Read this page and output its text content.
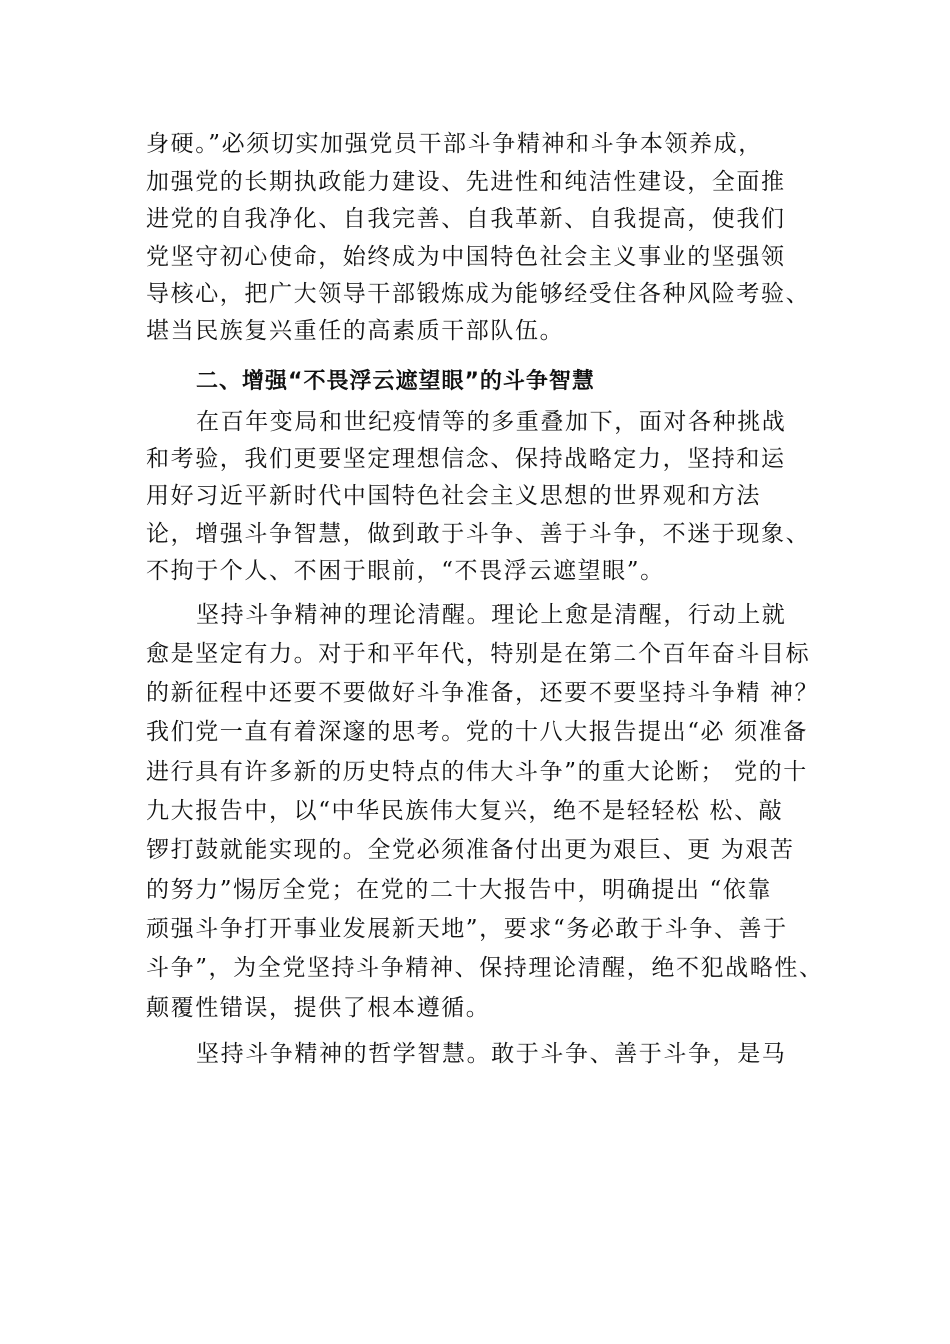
身硬。”必须切实加强党员干部斗争精神和斗争本领养成，
加强党的长期执政能力建设、先进性和纯洁性建设，全面推
进党的自我净化、自我完善、自我革新、自我提高，使我们
党坚守初心使命，始终成为中国特色社会主义事业的坚强领
导核心，把广大领导干部锻炼成为能够经受住各种风险考验、
堪当民族复兴重任的高素质干部队伍。
二、增强“不畏浮云遮望眼”的斗争智慧
在百年变局和世纪疫情等的多重叠加下，面对各种挑战
和考验，我们更要坚定理想信念、保持战略定力，坚持和运
用好习近平新时代中国特色社会主义思想的世界观和方法
论，增强斗争智慧，做到敢于斗争、善于斗争，不迷于现象、
不拘于个人、不困于眼前，“不畏浮云遮望眼”。
坚持斗争精神的理论清醒。理论上愈是清醒，行动上就
愈是坚定有力。对于和平年代，特别是在第二个百年奋斗目标
的新征程中还要不要做好斗争准备，还要不要坚持斗争精 神？
我们党一直有着深邃的思考。党的十八大报告提出“必 须准备
进行具有许多新的历史特点的伟大斗争”的重大论断； 党的十
九大报告中，以“中华民族伟大复兴，绝不是轻轻松 松、敲
锣打鼓就能实现的。全党必须准备付出更为艰巨、更 为艰苦
的努力”惕厉全党；在党的二十大报告中，明确提出 “依靠
顽强斗争打开事业发展新天地”，要求“务必敢于斗争、善于
斗争”，为全党坚持斗争精神、保持理论清醒，绝不犯战略性、
颠覆性错误，提供了根本遵循。
坚持斗争精神的哲学智慧。敢于斗争、善于斗争，是马
